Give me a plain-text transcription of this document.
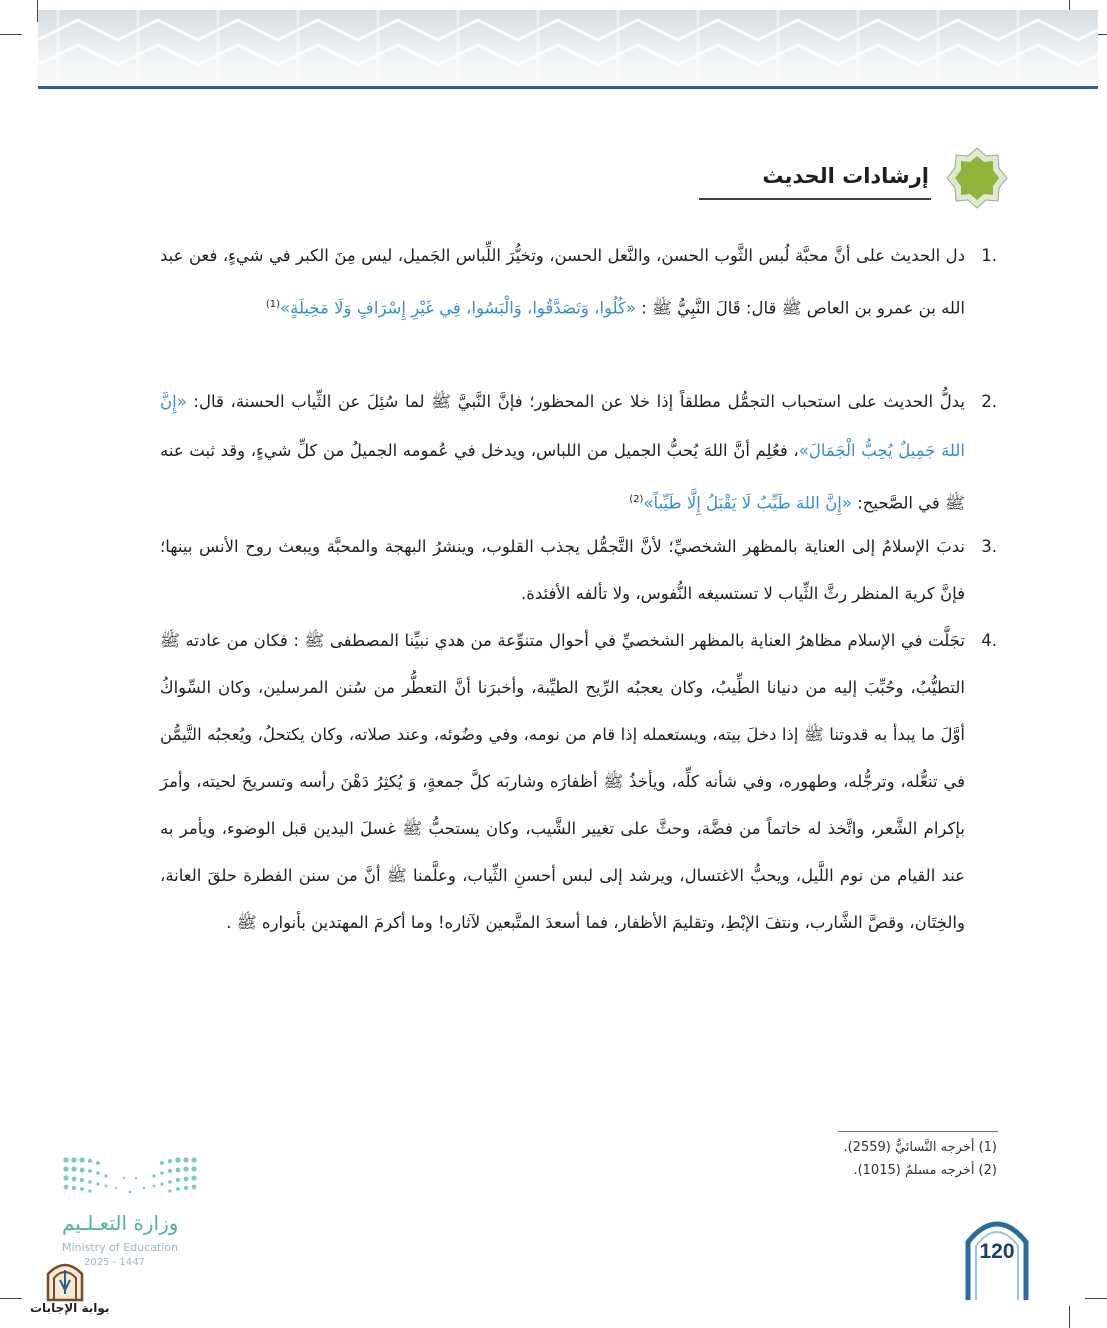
إرشادات الحديث

1.
دل الحديث على أنَّ محبَّة لُبس الثَّوب الحسن، والنَّعل الحسن، وتخيُّرَ اللِّباس الجَميل، ليس مِنَ الكبر في شيءٍ، فعن عبد الله بن عمرو بن العاص ﷺ قال: قَالَ النَّبِيُّ ﷺ : «كُلُوا، وَتَصَدَّقُوا، وَالْبَسُوا، فِي غَيْرِ إِسْرَافٍ وَلَا مَخِيلَةٍ»$^{(1)}$

2.
يدلُّ الحديث على استحباب التجمُّل مطلقاً إذا خلا عن المحظور؛ فإنَّ النَّبيَّ ﷺ لما سُئِلَ عن الثِّياب الحسنة، قال: «إِنَّ اللهَ جَمِيلٌ يُحِبُّ الْجَمَالَ»، فعُلِم أنَّ اللهَ يُحبُّ الجميل من اللباس، ويدخل في عُمومه الجميلُ من كلِّ شيءٍ، وقد ثبت عنه ﷺ في الصَّحيح: «إِنَّ اللهَ طَيِّبٌ لَا يَقْبَلُ إِلَّا طَيِّباً»$^{(2)}$

3.
ندبَ الإسلامُ إلى العناية بالمظهر الشخصيِّ؛ لأنَّ التَّجمُّل يجذب القلوب، وينشرُ البهجة والمحبَّة ويبعث روح الأنس بينها؛ فإنَّ كريهَ المنظر رثَّ الثِّياب لا تستسيغه النُّفوس، ولا تألفه الأفئدة.

4.
تجَلَّت في الإسلام مظاهرُ العناية بالمظهر الشخصيِّ في أحوال متنوِّعة من هدي نبيِّنا المصطفى ﷺ : فكان من عادته ﷺ التطيُّبُ، وحُبِّبَ إليه من دنيانا الطِّيبُ، وكان يعجبُه الرِّيح الطيِّبة، وأخبرَنا أنَّ التعطُّر من سُنن المرسلين، وكان السِّواكُ أوَّلَ ما يبدأ به قدوتنا ﷺ إذا دخلَ بيته، ويستعمله إذا قام من نومه، وفي وضُوئه، وعند صلاته، وكان يكتحلُ، ويُعجبُه التَّيمُّن في تنعُّله، وترجُّله، وطهوره، وفي شأنه كلِّه، ويأخذُ ﷺ أظفارَه وشاربَه كلَّ جمعةٍ، وَ يُكثِرُ دَهْنَ رأسه وتسريحَ لحيته، وأمرَ بإكرام الشَّعر، واتَّخذ له خاتماً من فضَّة، وحثَّ على تغيير الشَّيب، وكان يستحبُّ ﷺ غسلَ اليدين قبل الوضوء، ويأمر به عند القيام من نوم اللَّيل، ويحبُّ الاغتسال، ويرشد إلى لبس أحسنِ الثِّياب، وعلَّمنا ﷺ أنَّ من سنن الفطرة حلقَ العانة، والخِتَان، وقصَّ الشَّارب، ونتفَ الإبْطِ، وتقليمَ الأظفار، فما أسعدَ المتَّبعين لآثاره! وما أكرمَ المهتدين بأنواره ﷺ .

(1) أخرجه النَّسائيُّ (2559).
(2) أخرجه مسلمٌ (1015).
وزارة التعـلـيم
Ministry of Education
2025 - 1447
بوابة الإجابات
120
